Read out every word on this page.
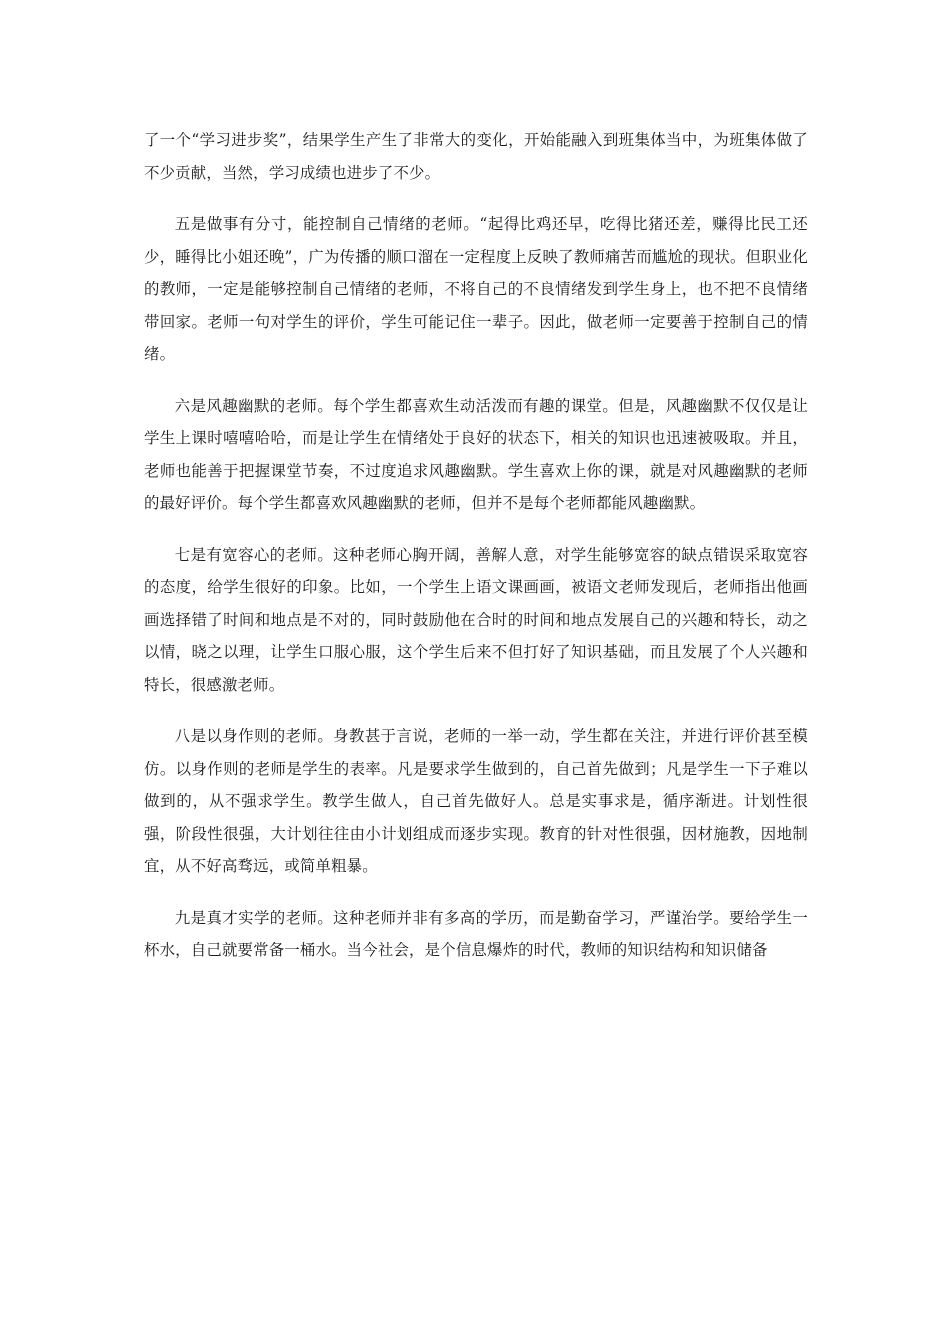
了一个“学习进步奖”，结果学生产生了非常大的变化，开始能融入到班集体当中，为班集体做了不少贡献，当然，学习成绩也进步了不少。

五是做事有分寸，能控制自己情绪的老师。“起得比鸡还早，吃得比猪还差，赚得比民工还少，睡得比小姐还晚”，广为传播的顺口溜在一定程度上反映了教师痛苦而尴尬的现状。但职业化的教师，一定是能够控制自己情绪的老师，不将自己的不良情绪发到学生身上，也不把不良情绪带回家。老师一句对学生的评价，学生可能记住一辈子。因此，做老师一定要善于控制自己的情绪。

六是风趣幽默的老师。每个学生都喜欢生动活泼而有趣的课堂。但是，风趣幽默不仅仅是让学生上课时嘻嘻哈哈，而是让学生在情绪处于良好的状态下，相关的知识也迅速被吸取。并且，老师也能善于把握课堂节奏，不过度追求风趣幽默。学生喜欢上你的课，就是对风趣幽默的老师的最好评价。每个学生都喜欢风趣幽默的老师，但并不是每个老师都能风趣幽默。

七是有宽容心的老师。这种老师心胸开阔，善解人意，对学生能够宽容的缺点错误采取宽容的态度，给学生很好的印象。比如，一个学生上语文课画画，被语文老师发现后，老师指出他画画选择错了时间和地点是不对的，同时鼓励他在合时的时间和地点发展自己的兴趣和特长，动之以情，晓之以理，让学生口服心服，这个学生后来不但打好了知识基础，而且发展了个人兴趣和特长，很感激老师。

八是以身作则的老师。身教甚于言说，老师的一举一动，学生都在关注，并进行评价甚至模仿。以身作则的老师是学生的表率。凡是要求学生做到的，自己首先做到；凡是学生一下子难以做到的，从不强求学生。教学生做人，自己首先做好人。总是实事求是，循序渐进。计划性很强，阶段性很强，大计划往往由小计划组成而逐步实现。教育的针对性很强，因材施教，因地制宜，从不好高骛远，或简单粗暴。

九是真才实学的老师。这种老师并非有多高的学历，而是勤奋学习，严谨治学。要给学生一杯水，自己就要常备一桶水。当今社会，是个信息爆炸的时代，教师的知识结构和知识储备
